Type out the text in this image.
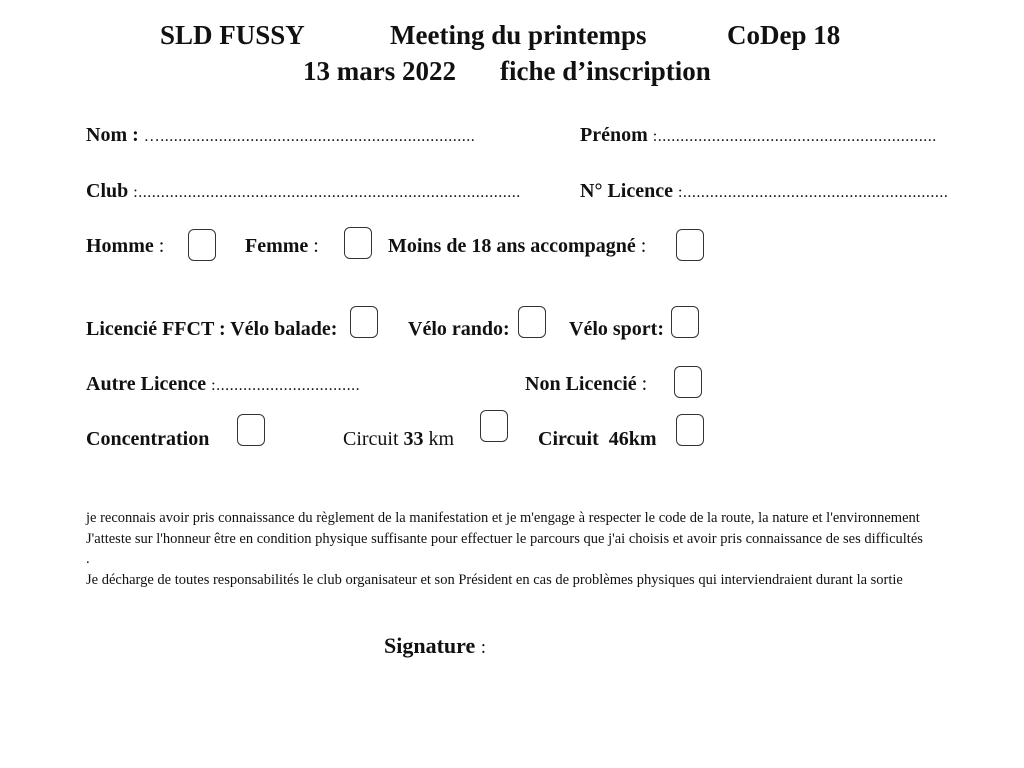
SLD FUSSY	Meeting du printemps	CoDep 18
13 mars 2022 fiche d’inscription
Nom : …......................................................................	Prénom :..............................................................
Club :.....................................................................................	N° Licence :...........................................................
Homme :	Femme :	Moins de 18 ans accompagné :
Licencié FFCT : Vélo balade:	Vélo rando:	Vélo sport:
Autre Licence :................................	Non Licencié :
Concentration	Circuit 33 km	Circuit  46km

je reconnais avoir pris connaissance du règlement de la manifestation et je m'engage à respecter le code de la route, la nature et l'environnement

J'atteste sur l'honneur être en condition physique suffisante pour effectuer le parcours que j'ai choisis et avoir pris connaissance de ses difficultés .

Je décharge de toutes responsabilités le club organisateur et son Président en cas de problèmes physiques qui interviendraient durant la sortie

Signature :
